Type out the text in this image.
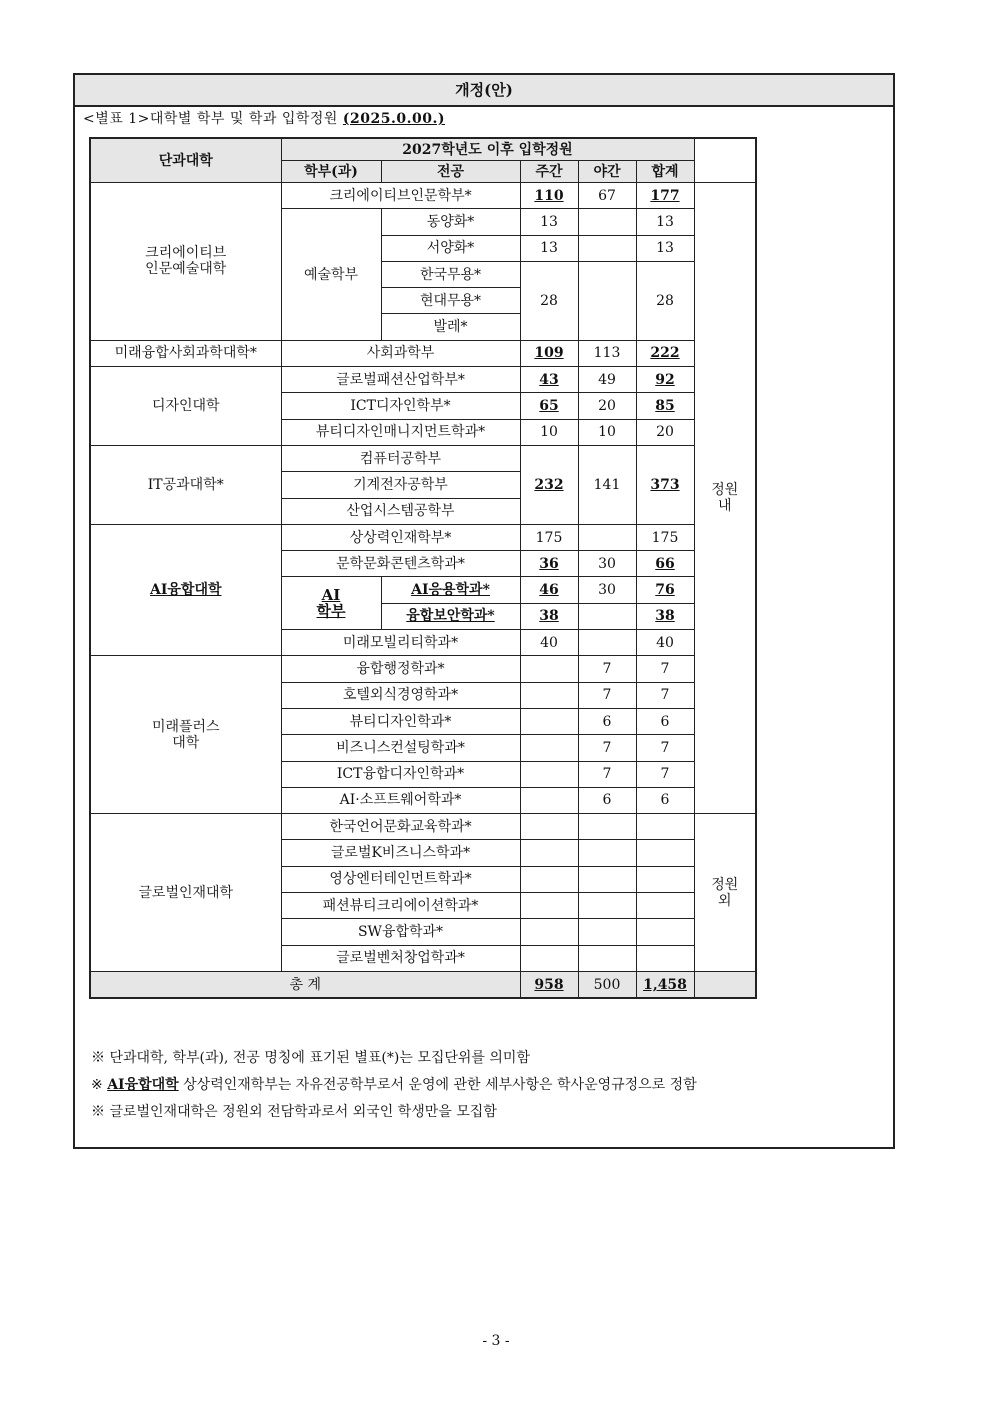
개정(안)
<별표 1>대학별 학부 및 학과 입학정원 (2025.0.00.)
단과대학	2027학년도 이후 입학정원					
	학부(과)	전공	주간	야간	합계	
크리에이티브
인문예술대학	크리에이티브인문학부*		110	67	177	정원
내
	예술학부	동양화*	13		13	
		서양화*	13		13	
		한국무용*	28		28	
		현대무용*				
		발레*				
미래융합사회과학대학*	사회과학부		109	113	222	
디자인대학	글로벌패션산업학부*		43	49	92	
	ICT디자인학부*		65	20	85	
	뷰티디자인매니지먼트학과*		10	10	20	
IT공과대학*	컴퓨터공학부		232	141	373	
	기계전자공학부					
	산업시스템공학부					
AI융합대학	상상력인재학부*		175		175	
	문학문화콘텐츠학과*		36	30	66	
	AI
학부	AI응용학과*	46	30	76	
		융합보안학과*	38		38	
	미래모빌리티학과*		40		40	
미래플러스
대학	융합행정학과*			7	7	
	호텔외식경영학과*			7	7	
	뷰티디자인학과*			6	6	
	비즈니스컨설팅학과*			7	7	
	ICT융합디자인학과*			7	7	
	AI·소프트웨어학과*			6	6	
글로벌인재대학	한국언어문화교육학과*					정원
외
	글로벌K비즈니스학과*					
	영상엔터테인먼트학과*					
	패션뷰티크리에이션학과*					
	SW융합학과*					
	글로벌벤처창업학과*					
총 계			958	500	1,458	
※ 단과대학, 학부(과), 전공 명칭에 표기된 별표(*)는 모집단위를 의미함
※ AI융합대학 상상력인재학부는 자유전공학부로서 운영에 관한 세부사항은 학사운영규정으로 정함
※ 글로벌인재대학은 정원외 전담학과로서 외국인 학생만을 모집함
- 3 -
